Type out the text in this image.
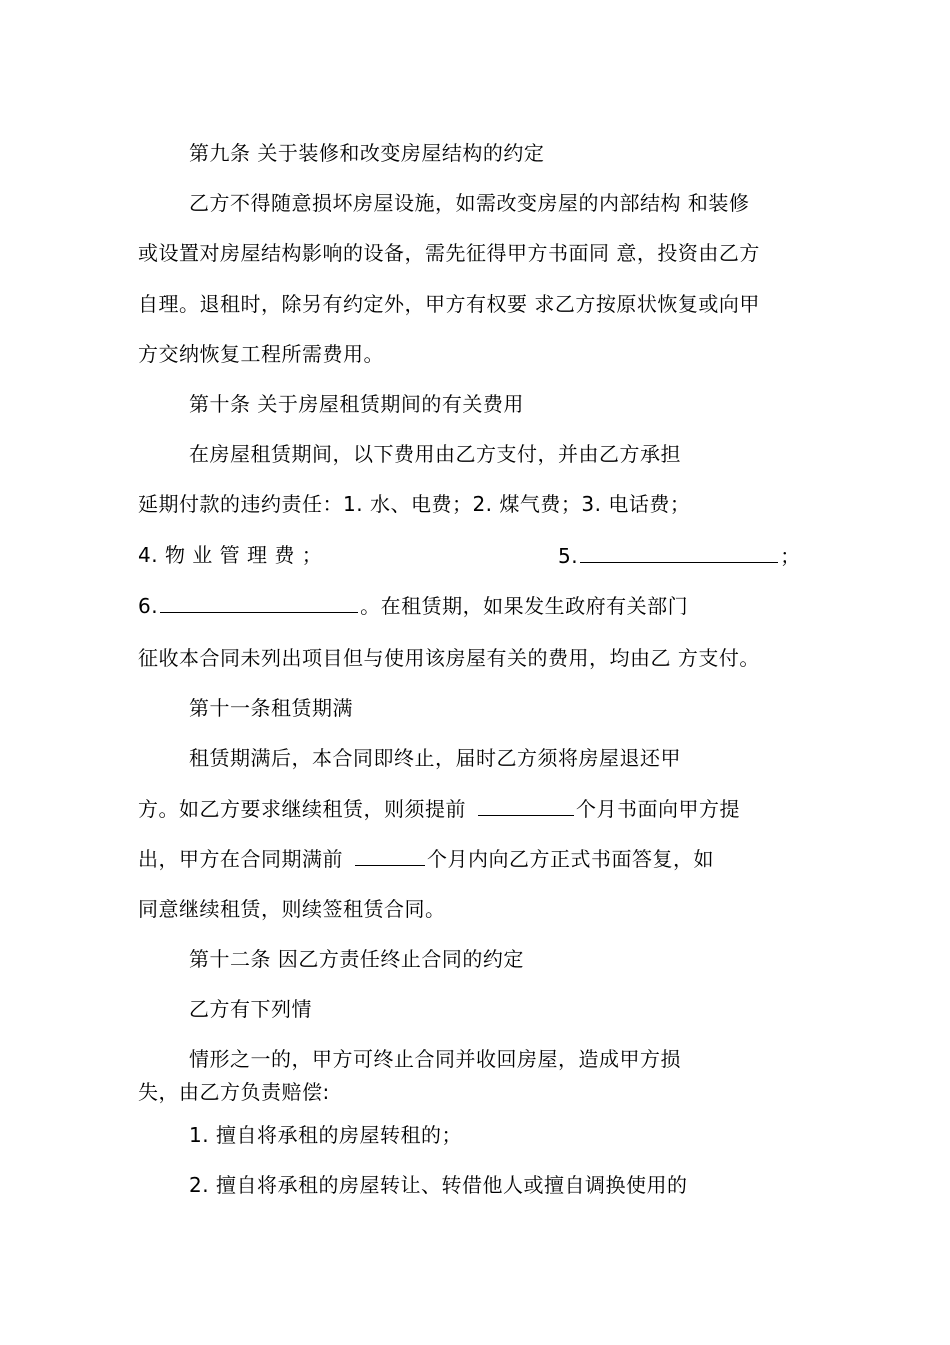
第九条 关于装修和改变房屋结构的约定
乙方不得随意损坏房屋设施，如需改变房屋的内部结构 和装修
或设置对房屋结构影响的设备，需先征得甲方书面同 意，投资由乙方
自理。退租时，除另有约定外，甲方有权要 求乙方按原状恢复或向甲
方交纳恢复工程所需费用。
第十条 关于房屋租赁期间的有关费用
在房屋租赁期间，以下费用由乙方支付，并由乙方承担
延期付款的违约责任：1. 水、电费；2. 煤气费；3. 电话费；
4. 物 业 管 理 费 ；	5.	；
6.	。在租赁期，如果发生政府有关部门
征收本合同未列出项目但与使用该房屋有关的费用，均由乙 方支付。
第十一条租赁期满
租赁期满后，本合同即终止，届时乙方须将房屋退还甲
方。如乙方要求继续租赁，则须提前	个月书面向甲方提
出，甲方在合同期满前	个月内向乙方正式书面答复，如
同意继续租赁，则续签租赁合同。
第十二条 因乙方责任终止合同的约定
乙方有下列情
情形之一的，甲方可终止合同并收回房屋，造成甲方损
失，由乙方负责赔偿:
1. 擅自将承租的房屋转租的；
2. 擅自将承租的房屋转让、转借他人或擅自调换使用的
